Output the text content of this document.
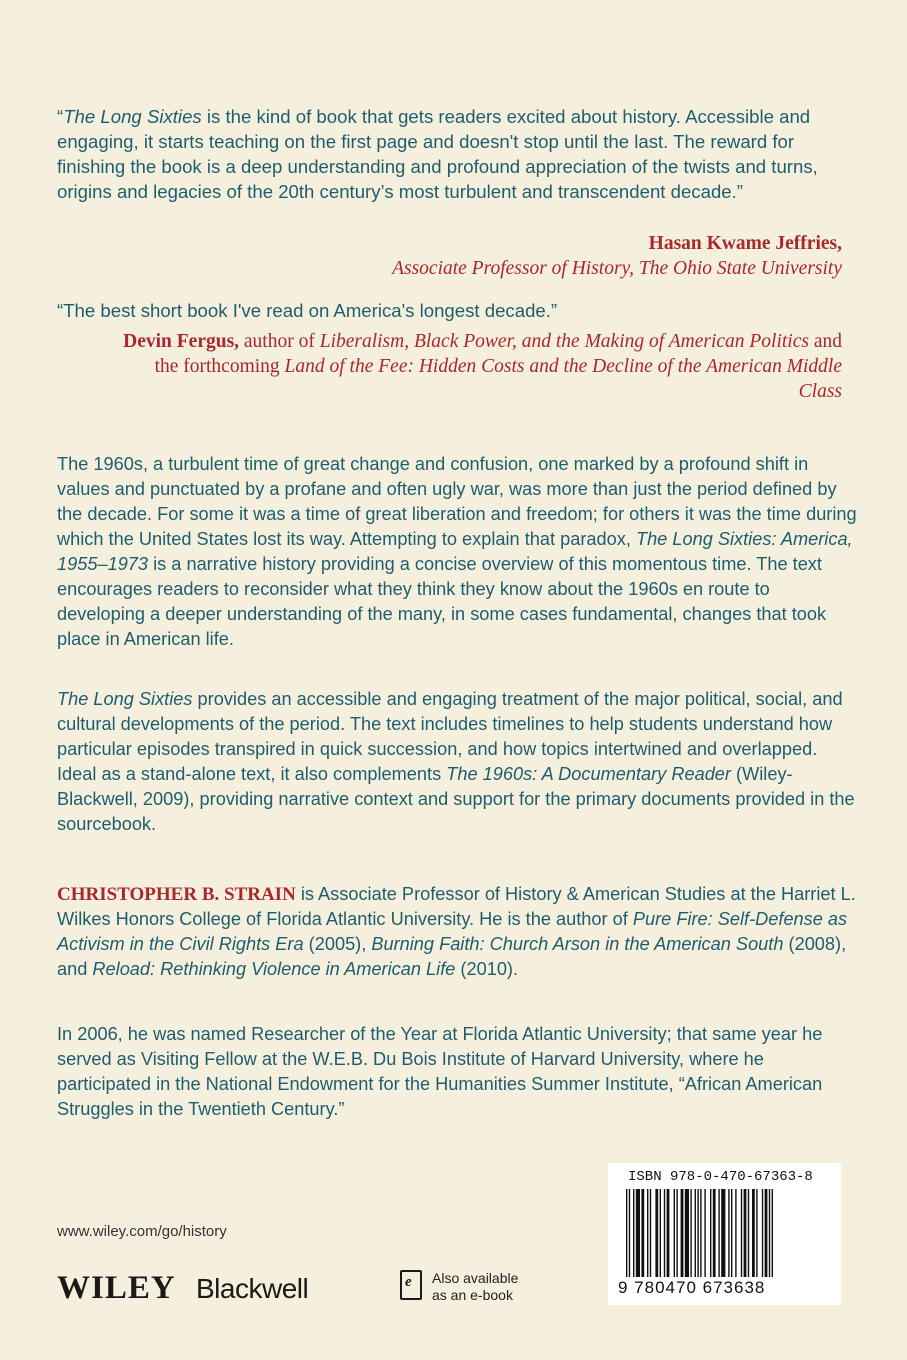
“The Long Sixties is the kind of book that gets readers excited about history. Accessible and engaging, it starts teaching on the first page and doesn't stop until the last. The reward for finishing the book is a deep understanding and profound appreciation of the twists and turns, origins and legacies of the 20th century’s most turbulent and transcendent decade.”
Hasan Kwame Jeffries,
Associate Professor of History, The Ohio State University
“The best short book I've read on America's longest decade.”
Devin Fergus, author of Liberalism, Black Power, and the Making of American Politics and the forthcoming Land of the Fee: Hidden Costs and the Decline of the American Middle Class
The 1960s, a turbulent time of great change and confusion, one marked by a profound shift in values and punctuated by a profane and often ugly war, was more than just the period defined by the decade. For some it was a time of great liberation and freedom; for others it was the time during which the United States lost its way. Attempting to explain that paradox, The Long Sixties: America, 1955–1973 is a narrative history providing a concise overview of this momentous time. The text encourages readers to reconsider what they think they know about the 1960s en route to developing a deeper understanding of the many, in some cases fundamental, changes that took place in American life.
The Long Sixties provides an accessible and engaging treatment of the major political, social, and cultural developments of the period. The text includes timelines to help students understand how particular episodes transpired in quick succession, and how topics intertwined and overlapped. Ideal as a stand-alone text, it also complements The 1960s: A Documentary Reader (Wiley-Blackwell, 2009), providing narrative context and support for the primary documents provided in the sourcebook.
CHRISTOPHER B. STRAIN is Associate Professor of History & American Studies at the Harriet L. Wilkes Honors College of Florida Atlantic University. He is the author of Pure Fire: Self-Defense as Activism in the Civil Rights Era (2005), Burning Faith: Church Arson in the American South (2008), and Reload: Rethinking Violence in American Life (2010).
In 2006, he was named Researcher of the Year at Florida Atlantic University; that same year he served as Visiting Fellow at the W.E.B. Du Bois Institute of Harvard University, where he participated in the National Endowment for the Humanities Summer Institute, “African American Struggles in the Twentieth Century.”
www.wiley.com/go/history
WILEY Blackwell	e Also available
as an e-book
ISBN 978-0-470-67363-8
9 780470 673638
